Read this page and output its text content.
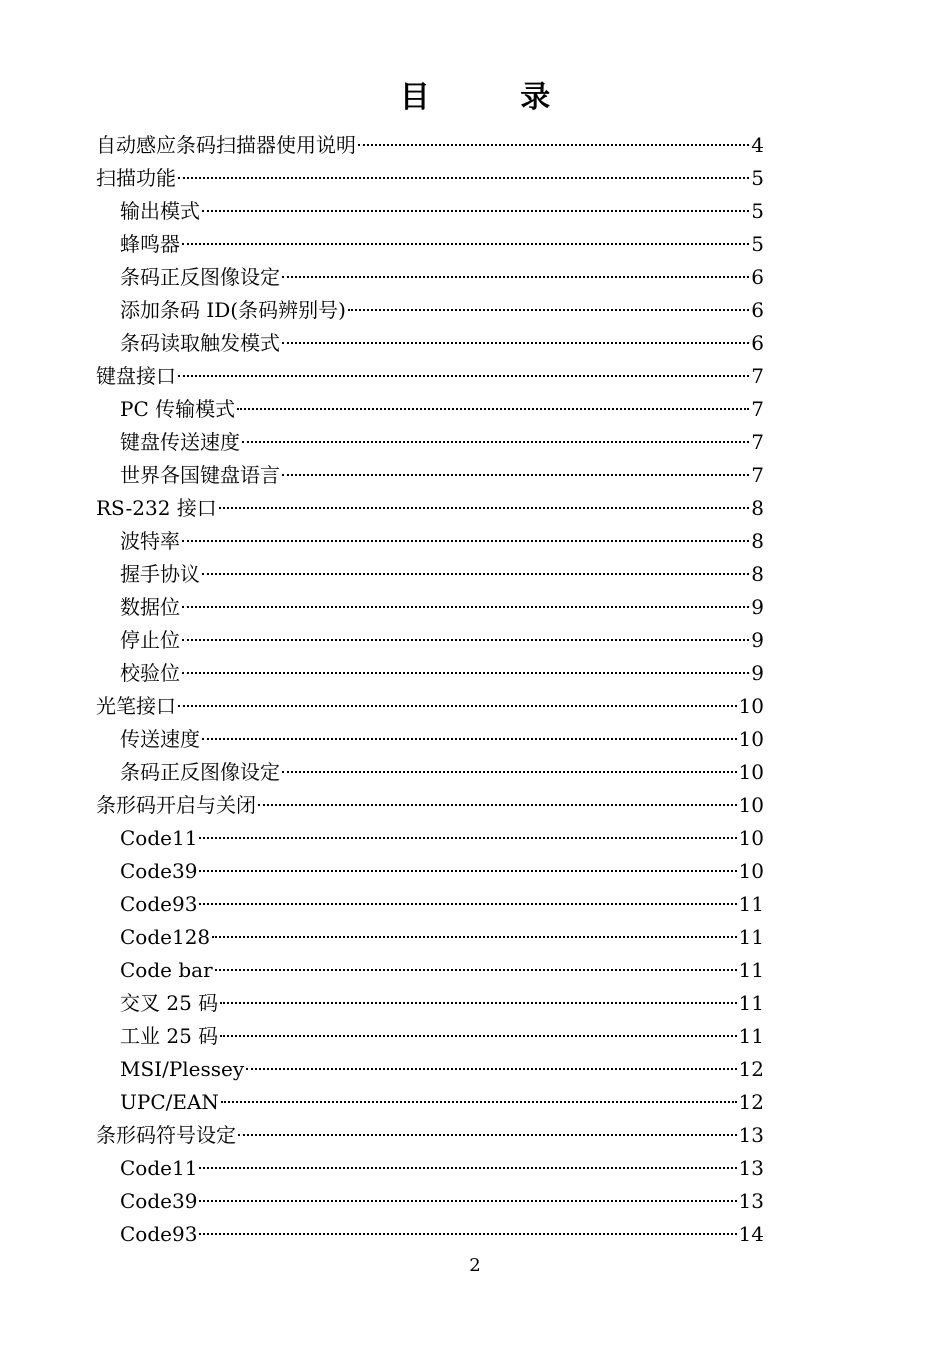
目 录
自动感应条码扫描器使用说明	4
扫描功能	5
输出模式	5
蜂鸣器	5
条码正反图像设定	6
添加条码 ID(条码辨别号)	6
条码读取触发模式	6
键盘接口	7
PC 传输模式	7
键盘传送速度	7
世界各国键盘语言	7
RS-232 接口	8
波特率	8
握手协议	8
数据位	9
停止位	9
校验位	9
光笔接口	10
传送速度	10
条码正反图像设定	10
条形码开启与关闭	10
Code11	10
Code39	10
Code93	11
Code128	11
Code bar	11
交叉 25 码	11
工业 25 码	11
MSI/Plessey	12
UPC/EAN	12
条形码符号设定	13
Code11	13
Code39	13
Code93	14
2
